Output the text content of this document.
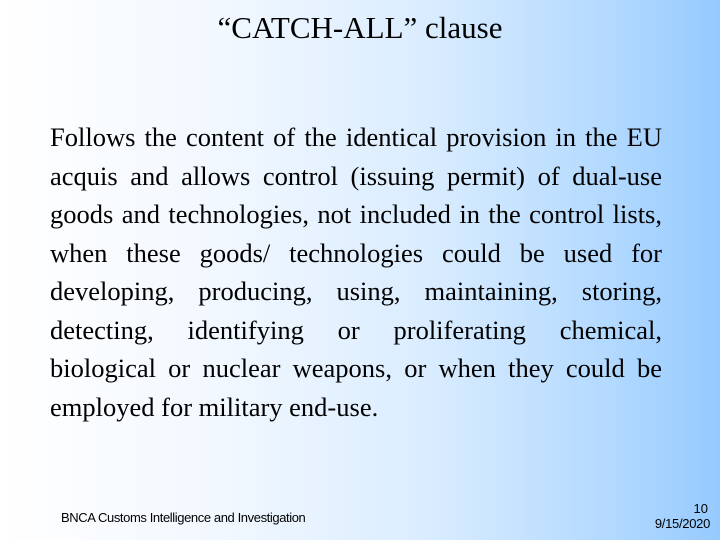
“CATCH-ALL” clause
Follows the content of the identical provision in the EU acquis and allows control (issuing permit) of dual-use goods and technologies, not included in the control lists, when these goods/ technologies could be used for developing, producing, using, maintaining, storing, detecting, identifying or proliferating chemical, biological or nuclear weapons, or when they could be employed for military end-use.
BNCA Customs Intelligence and Investigation
10
9/15/2020
